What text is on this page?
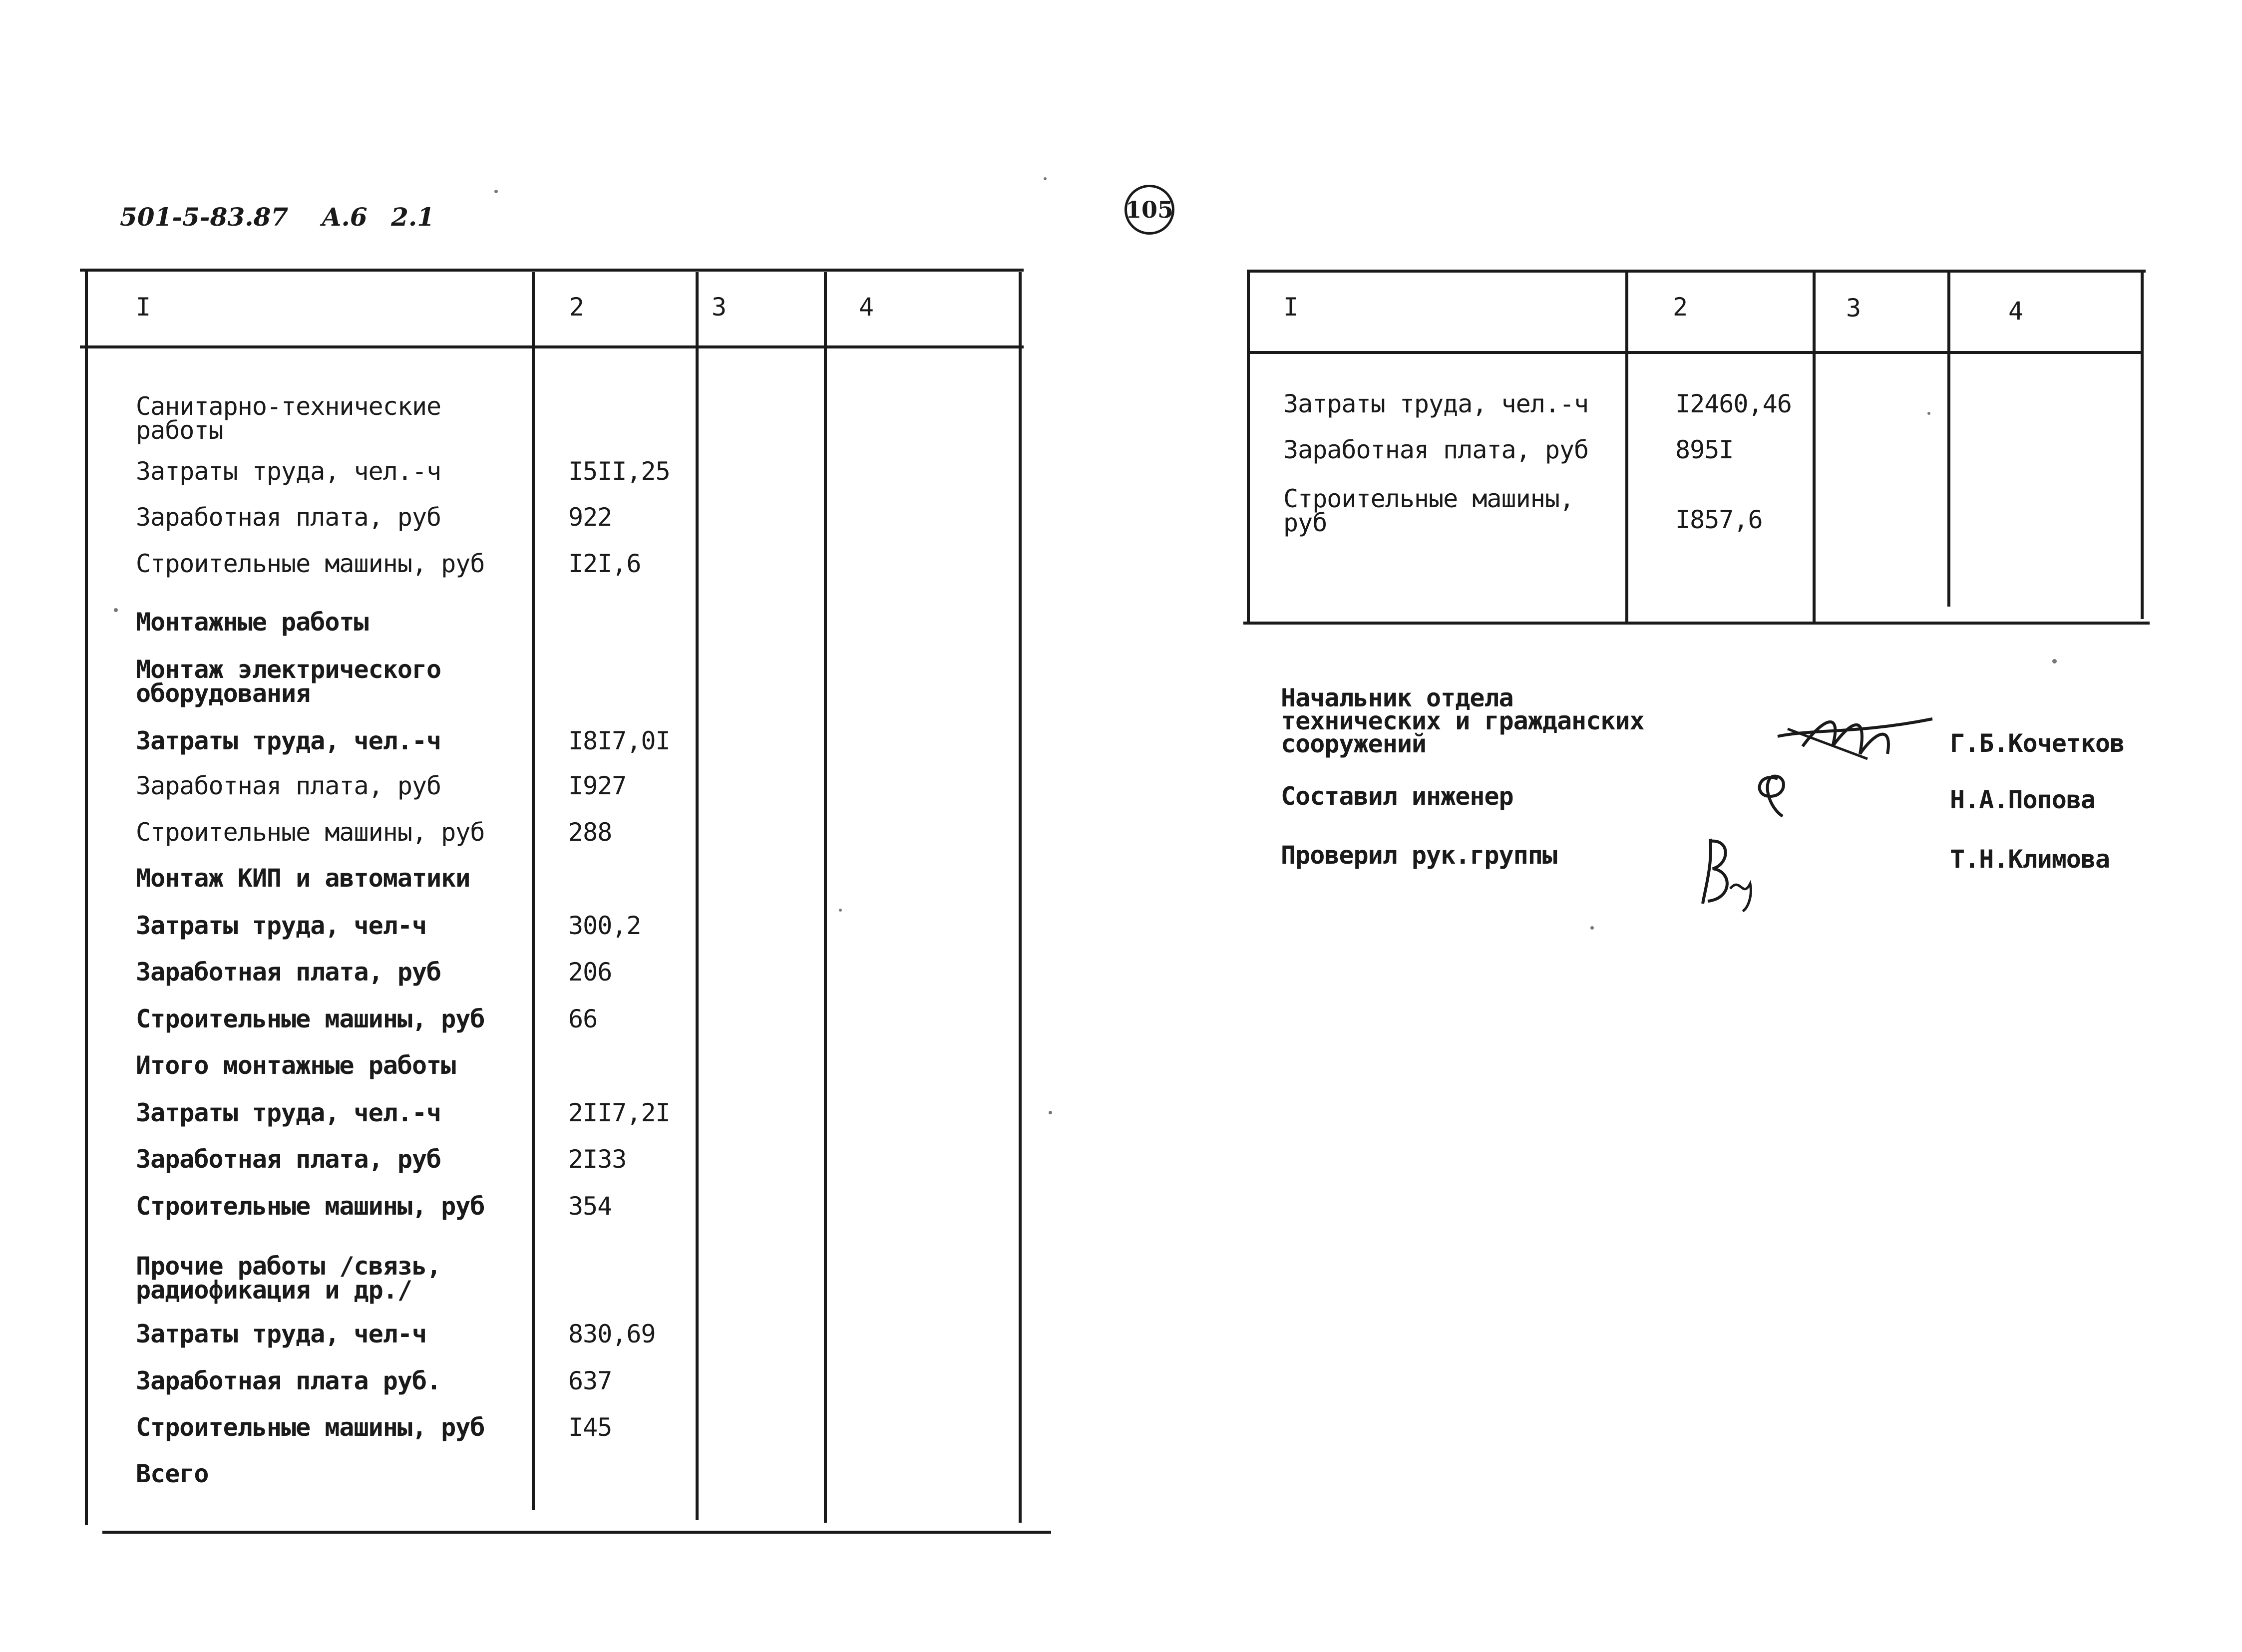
501-5-83.87 A.6 2.1	105
I	2	3	4
Санитарно-технические
работы
Затраты труда, чел.-ч	I5II,25
Заработная плата, руб	922
Строительные машины, руб	I2I,6
Монтажные работы
Монтаж электрического
оборудования
Затраты труда, чел.-ч	I8I7,0I
Заработная плата, руб	I927
Строительные машины, руб	288
Монтаж КИП и автоматики
Затраты труда, чел-ч	300,2
Заработная плата, руб	206
Строительные машины, руб	66
Итого монтажные работы
Затраты труда, чел.-ч	2II7,2I
Заработная плата, руб	2I33
Строительные машины, руб	354
Прочие работы /связь,
радиофикация и др./
Затраты труда, чел-ч	830,69
Заработная плата руб.	637
Строительные машины, руб	I45
Всего
I	2	3	4
Затраты труда, чел.-ч	I2460,46
Заработная плата, руб	895I
Строительные машины,
руб	I857,6
Начальник отдела
технических и гражданских
сооружений	Г.Б.Кочетков
Составил инженер	Н.А.Попова
Проверил рук.группы	Т.Н.Климова
